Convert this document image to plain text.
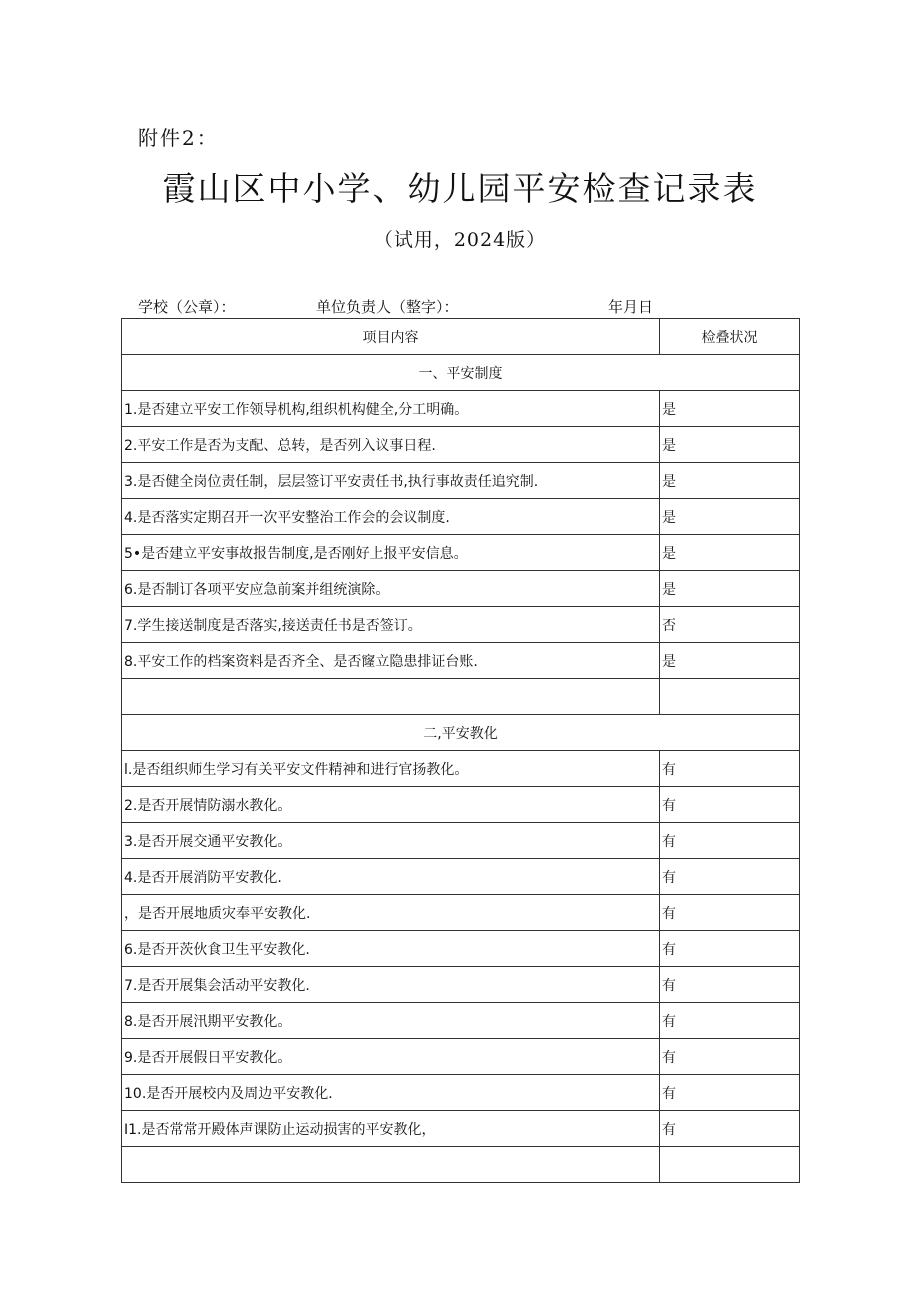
附件2：
霞山区中小学、幼儿园平安检查记录表
（试用，2024版）
学校（公章）：	单位负责人（整字）：	年月日
项目内容	检叠状况
一、平安制度	
1.是否建立平安工作领导机构,组织机构健全,分工明确。	是
2.平安工作是否为支配、总转，是否列入议事日程.	是
3.是否健全岗位责任制，层层签订平安责任书,执行事故责任追究制.	是
4.是否落实定期召开一次平安整治工作会的会议制度.	是
5•是否建立平安事故报告制度,是否刚好上报平安信息。	是
6.是否制订各项平安应急前案并组统演除。	是
7.学生接送制度是否落实,接送责任书是否签订。	否
8.平安工作的档案资料是否齐全、是否窿立隐患排证台账.	是

二,平安教化	
l.是否组织师生学习有关平安文件精神和进行官扬教化。	有
2.是否开展情防溺水教化。	有
3.是否开展交通平安教化。	有
4.是否开展消防平安教化.	有
，是否开展地质灾奉平安教化.	有
6.是否开茨伙食卫生平安教化.	有
7.是否开展集会活动平安教化.	有
8.是否开展汛期平安教化。	有
9.是否开展假日平安教化。	有
10.是否开展校内及周边平安教化.	有
I1.是否常常开殿体声课防止运动损害的平安教化，	有
